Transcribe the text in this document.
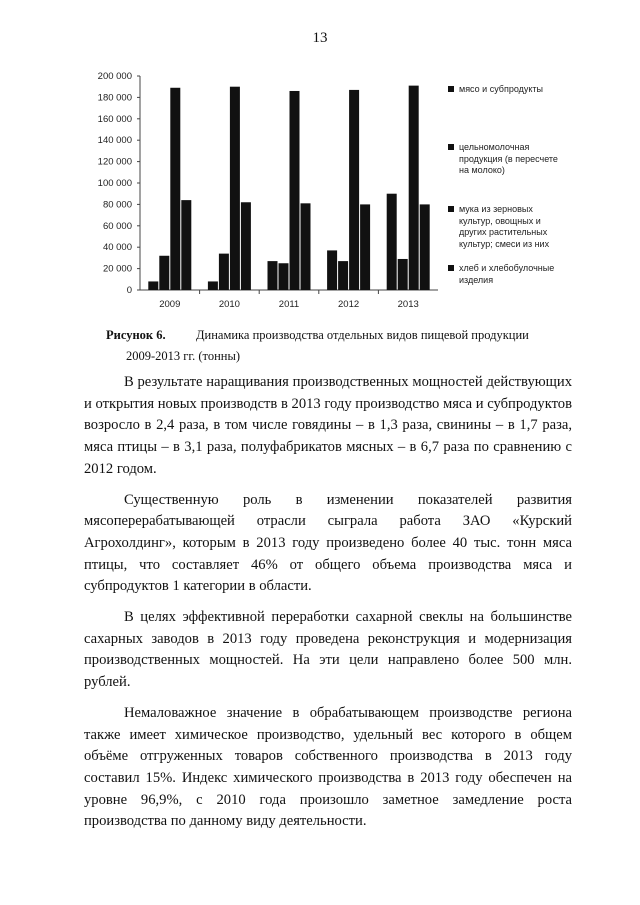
13
200 000
180 000
160 000
140 000
120 000
100 000
80 000
60 000
40 000
20 000
0
2009	2010	2011	2012	2013
мясо и субпродукты
цельномолочная
продукция (в пересчете
на молоко)
мука из зерновых
культур, овощных и
других растительных
культур; смеси из них
хлеб и хлебобулочные
изделия
Рисунок 6. Динамика производства отдельных видов пищевой продукции
2009-2013 гг. (тонны)

В результате наращивания производственных мощностей действующих и открытия новых производств в 2013 году производство мяса и субпродуктов возросло в 2,4 раза, в том числе говядины – в 1,3 раза, свинины – в 1,7 раза, мяса птицы – в 3,1 раза, полуфабрикатов мясных – в 6,7 раза по сравнению с 2012 годом.

Существенную роль в изменении показателей развития мясоперерабатывающей отрасли сыграла работа ЗАО «Курский Агрохолдинг», которым в 2013 году произведено более 40 тыс. тонн мяса птицы, что составляет 46% от общего объема производства мяса и субпродуктов 1 категории в области.

В целях эффективной переработки сахарной свеклы на большинстве сахарных заводов в 2013 году проведена реконструкция и модернизация производственных мощностей. На эти цели направлено более 500 млн. рублей.

Немаловажное значение в обрабатывающем производстве региона также имеет химическое производство, удельный вес которого в общем объёме отгруженных товаров собственного производства в 2013 году составил 15%. Индекс химического производства в 2013 году обеспечен на уровне 96,9%, с 2010 года произошло заметное замедление роста производства по данному виду деятельности.
